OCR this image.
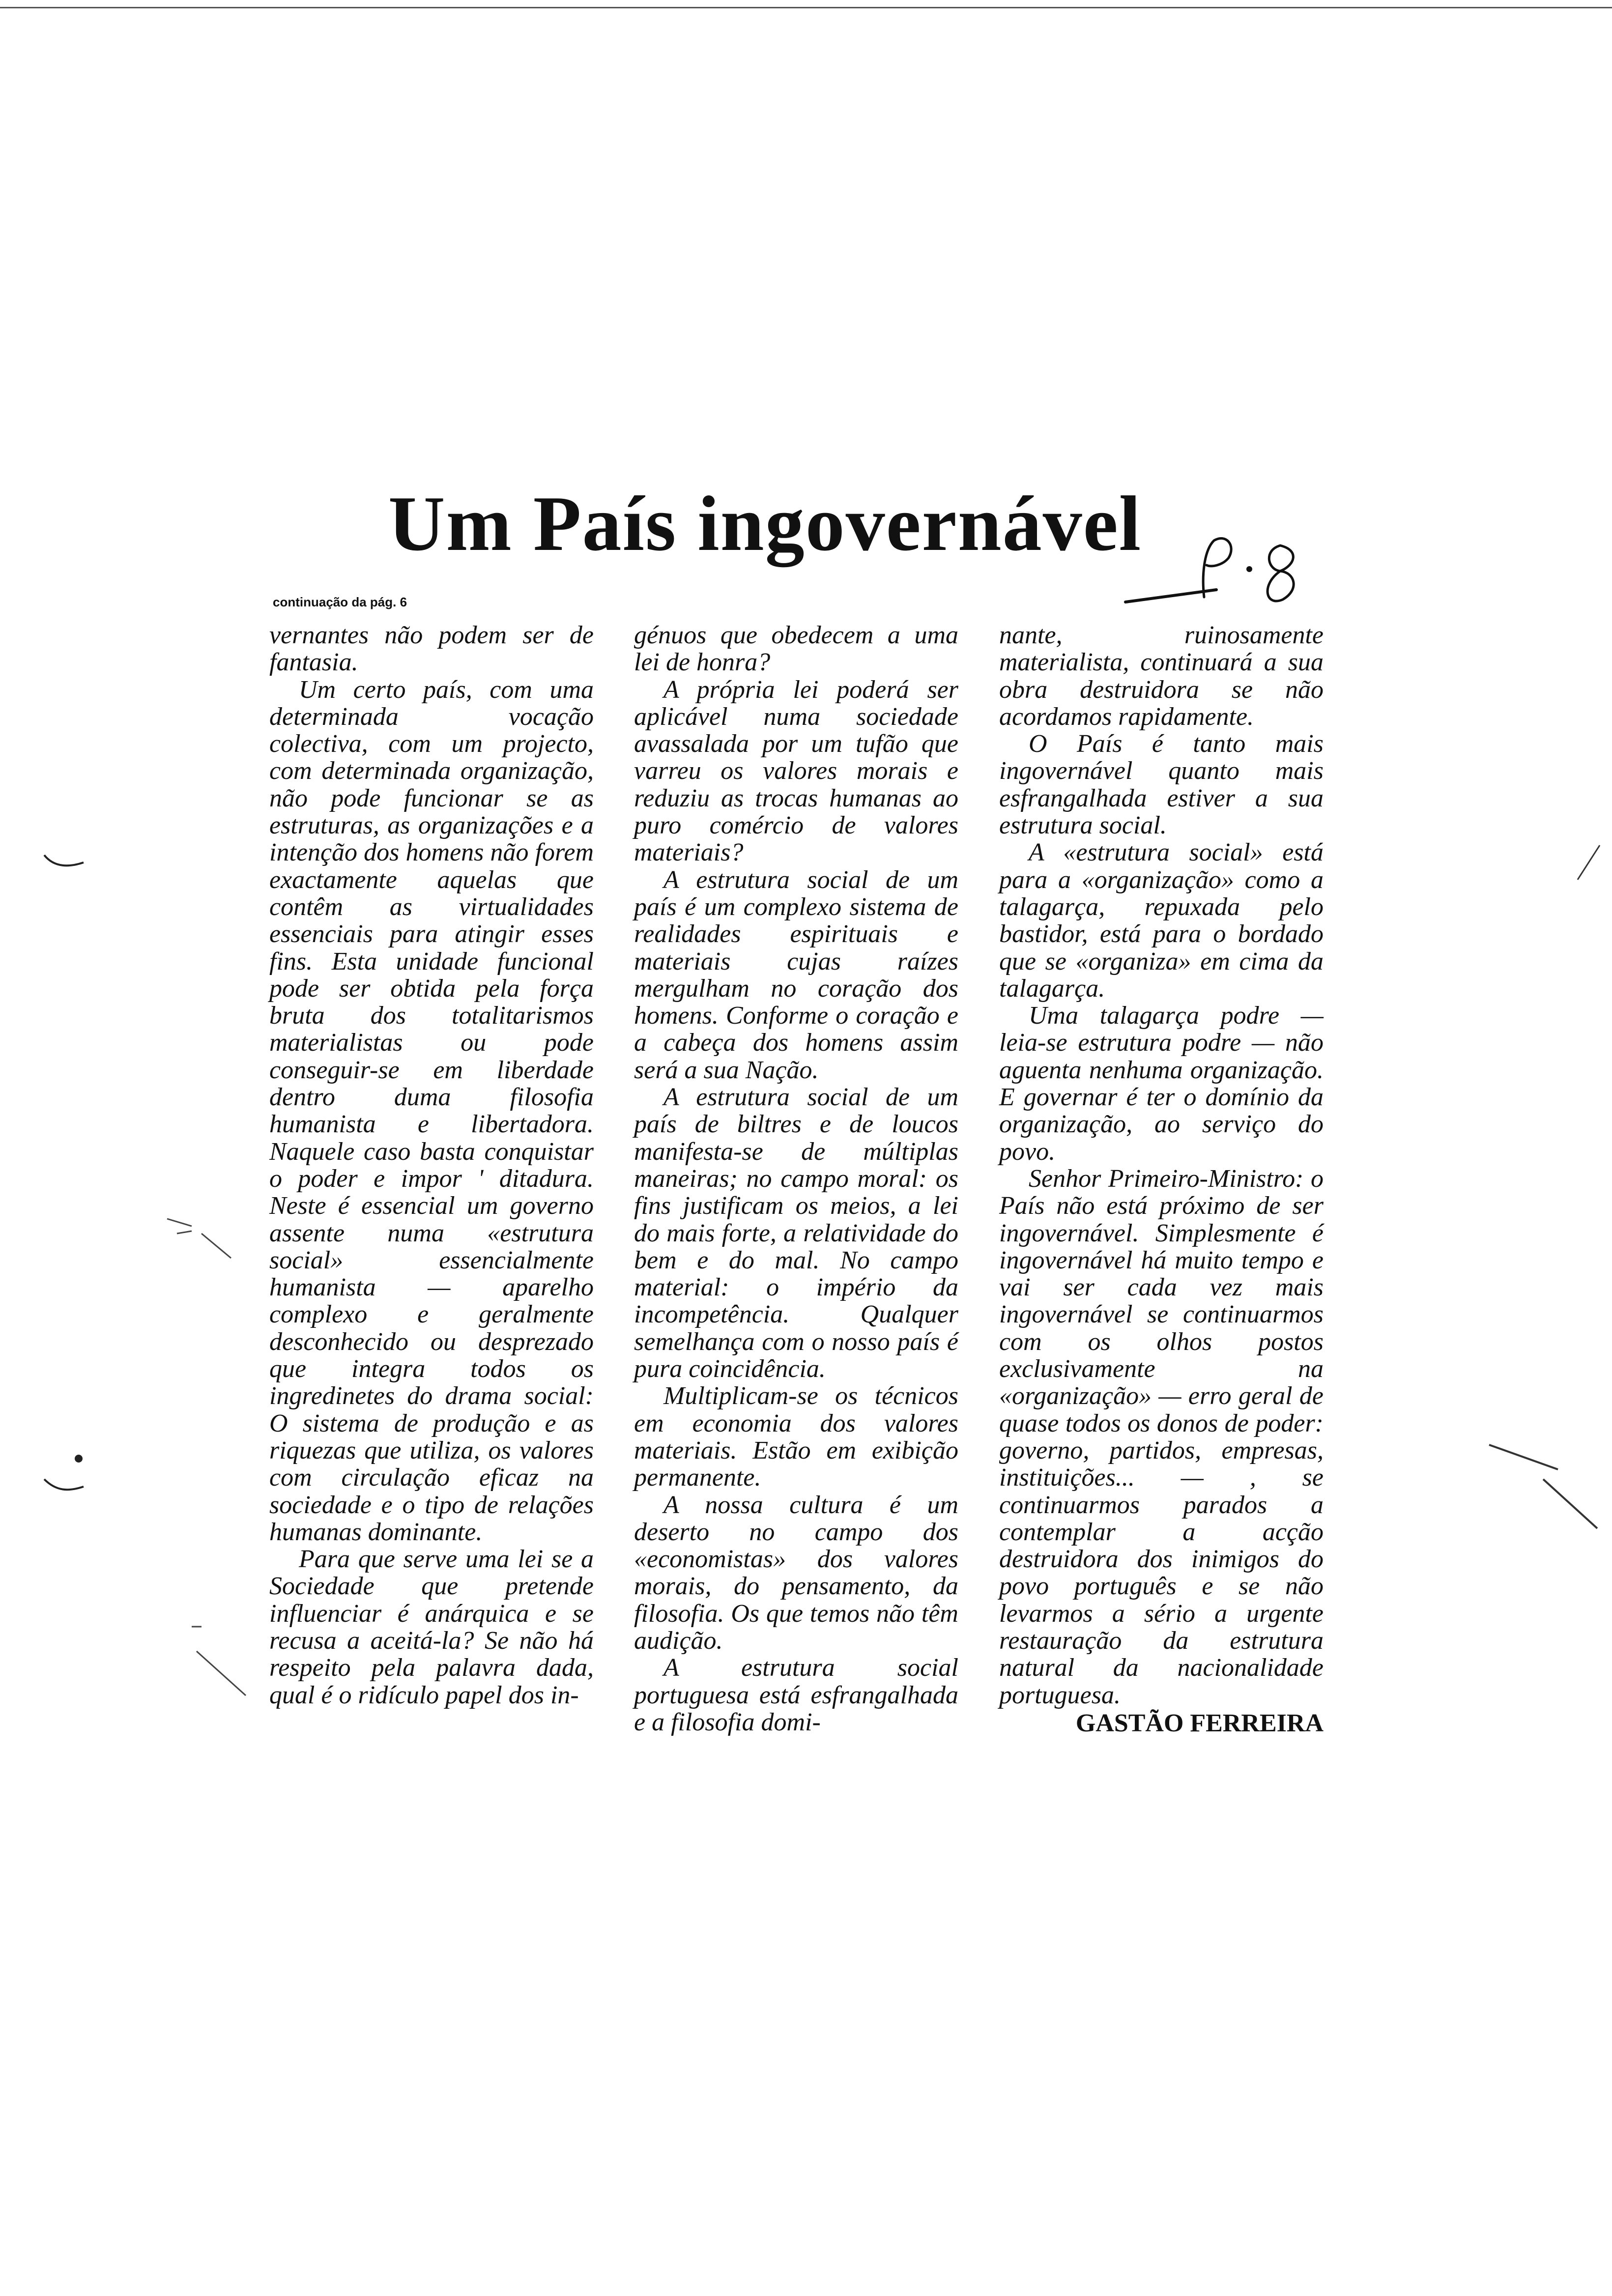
Um País ingovernável
continuação da pág. 6

vernantes não podem ser de fantasia.

Um certo país, com uma determinada vocação colectiva, com um projecto, com determinada organização, não pode funcionar se as estruturas, as organizações e a intenção dos homens não forem exactamente aquelas que contêm as virtualidades essenciais para atingir esses fins. Esta unidade funcional pode ser obtida pela força bruta dos totalitarismos materialistas ou pode conseguir-se em liberdade dentro duma filosofia humanista e libertadora. Naquele caso basta conquistar o poder e impor ' ditadura. Neste é essencial um governo assente numa «estrutura social» essencialmente humanista — aparelho complexo e geralmente desconhecido ou desprezado que integra todos os ingredinetes do drama social: O sistema de produção e as riquezas que utiliza, os valores com circulação eficaz na sociedade e o tipo de relações humanas dominante.

Para que serve uma lei se a Sociedade que pretende influenciar é anárquica e se recusa a aceitá-la? Se não há respeito pela palavra dada, qual é o ridículo papel dos in-

génuos que obedecem a uma lei de honra?

A própria lei poderá ser aplicável numa sociedade avassalada por um tufão que varreu os valores morais e reduziu as trocas humanas ao puro comércio de valores materiais?

A estrutura social de um país é um complexo sistema de realidades espirituais e materiais cujas raízes mergulham no coração dos homens. Conforme o coração e a cabeça dos homens assim será a sua Nação.

A estrutura social de um país de biltres e de loucos manifesta-se de múltiplas maneiras; no campo moral: os fins justificam os meios, a lei do mais forte, a relatividade do bem e do mal. No campo material: o império da incompetência. Qualquer semelhança com o nosso país é pura coincidência.

Multiplicam-se os técnicos em economia dos valores materiais. Estão em exibição permanente.

A nossa cultura é um deserto no campo dos «economistas» dos valores morais, do pensamento, da filosofia. Os que temos não têm audição.

A estrutura social portuguesa está esfrangalhada e a filosofia domi-

nante, ruinosamente materialista, continuará a sua obra destruidora se não acordamos rapidamente.

O País é tanto mais ingovernável quanto mais esfrangalhada estiver a sua estrutura social.

A «estrutura social» está para a «organização» como a talagarça, repuxada pelo bastidor, está para o bordado que se «organiza» em cima da talagarça.

Uma talagarça podre — leia-se estrutura podre — não aguenta nenhuma organização. E governar é ter o domínio da organização, ao serviço do povo.

Senhor Primeiro-Ministro: o País não está próximo de ser ingovernável. Simplesmente é ingovernável há muito tempo e vai ser cada vez mais ingovernável se continuarmos com os olhos postos exclusivamente na «organização» — erro geral de quase todos os donos de poder: governo, partidos, empresas, instituições... — , se continuarmos parados a contemplar a acção destruidora dos inimigos do povo português e se não levarmos a sério a urgente restauração da estrutura natural da nacionalidade portuguesa.

GASTÃO FERREIRA
